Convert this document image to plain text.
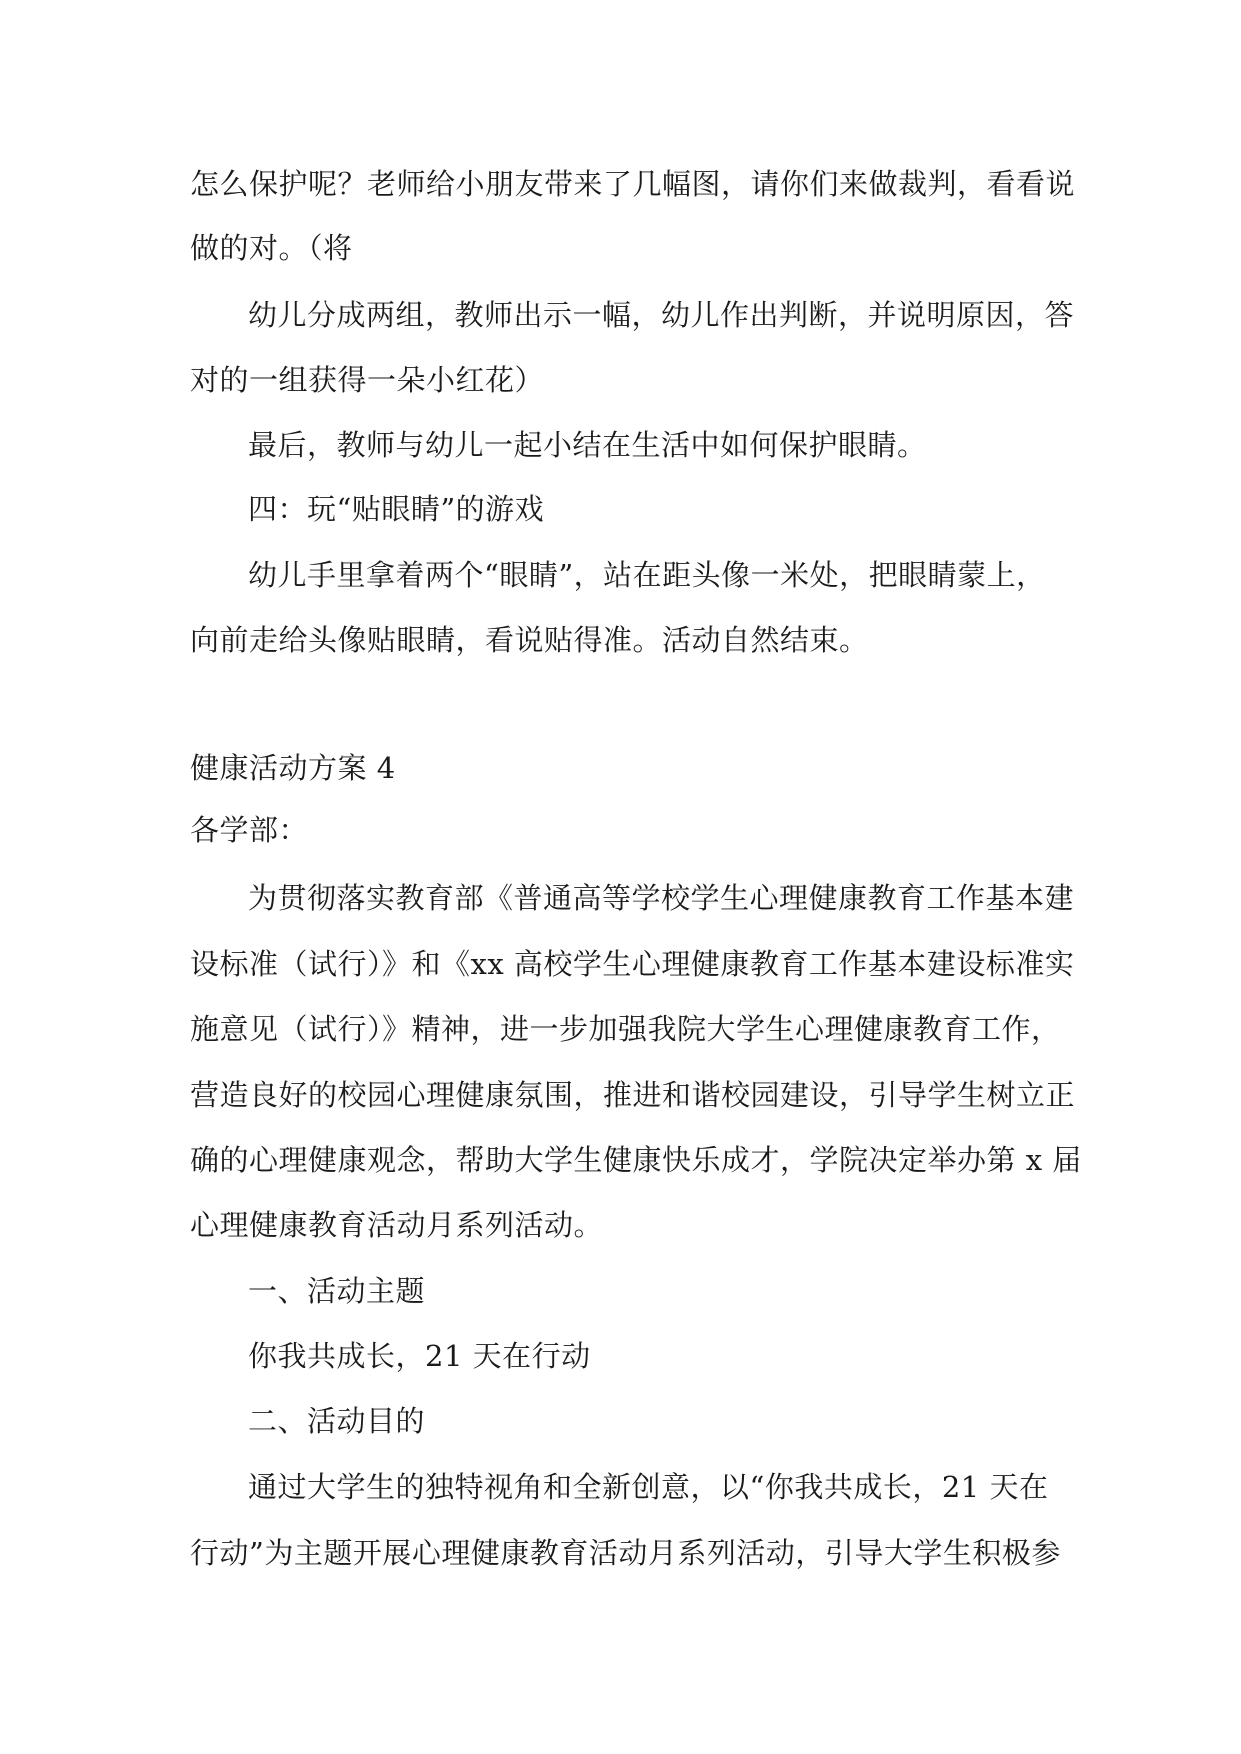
怎么保护呢？老师给小朋友带来了几幅图，请你们来做裁判，看看说
做的对。（将
幼儿分成两组，教师出示一幅，幼儿作出判断，并说明原因，答
对的一组获得一朵小红花）
最后，教师与幼儿一起小结在生活中如何保护眼睛。
四：玩“贴眼睛”的游戏
幼儿手里拿着两个“眼睛”，站在距头像一米处，把眼睛蒙上，
向前走给头像贴眼睛，看说贴得准。活动自然结束。
健康活动方案 4
各学部：
为贯彻落实教育部《普通高等学校学生心理健康教育工作基本建
设标准（试行）》和《xx 高校学生心理健康教育工作基本建设标准实
施意见（试行）》精神，进一步加强我院大学生心理健康教育工作，
营造良好的校园心理健康氛围，推进和谐校园建设，引导学生树立正
确的心理健康观念，帮助大学生健康快乐成才，学院决定举办第 x 届
心理健康教育活动月系列活动。
一、活动主题
你我共成长，21 天在行动
二、活动目的
通过大学生的独特视角和全新创意，以“你我共成长，21 天在
行动”为主题开展心理健康教育活动月系列活动，引导大学生积极参
